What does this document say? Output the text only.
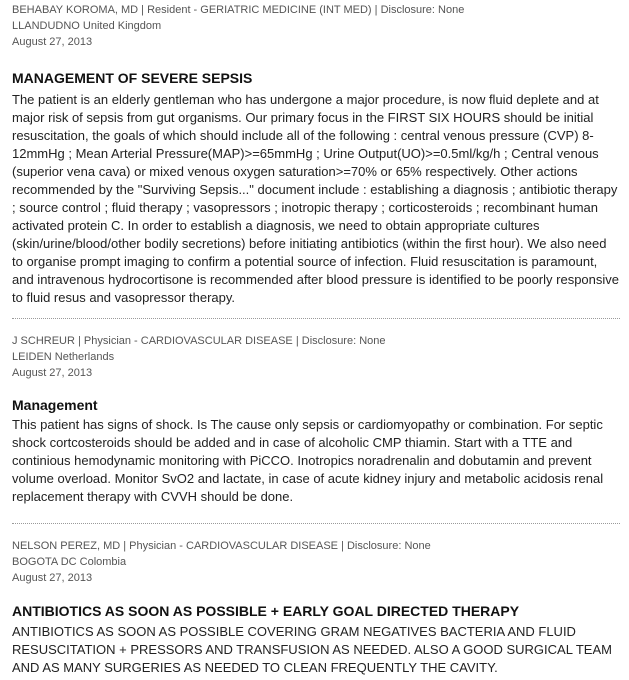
BEHABAY KOROMA, MD | Resident - GERIATRIC MEDICINE (INT MED) | Disclosure: None
LLANDUDNO United Kingdom
August 27, 2013
MANAGEMENT OF SEVERE SEPSIS

The patient is an elderly gentleman who has undergone a major procedure, is now fluid deplete and at major risk of sepsis from gut organisms. Our primary focus in the FIRST SIX HOURS should be initial resuscitation, the goals of which should include all of the following : central venous pressure (CVP) 8-12mmHg ; Mean Arterial Pressure(MAP)>=65mmHg ; Urine Output(UO)>=0.5ml/kg/h ; Central venous (superior vena cava) or mixed venous oxygen saturation>=70% or 65% respectively. Other actions recommended by the "Surviving Sepsis..." document include : establishing a diagnosis ; antibiotic therapy ; source control ; fluid therapy ; vasopressors ; inotropic therapy ; corticosteroids ; recombinant human activated protein C. In order to establish a diagnosis, we need to obtain appropriate cultures (skin/urine/blood/other bodily secretions) before initiating antibiotics (within the first hour). We also need to organise prompt imaging to confirm a potential source of infection. Fluid resuscitation is paramount, and intravenous hydrocortisone is recommended after blood pressure is identified to be poorly responsive to fluid resus and vasopressor therapy.

J SCHREUR | Physician - CARDIOVASCULAR DISEASE | Disclosure: None
LEIDEN Netherlands
August 27, 2013
Management

This patient has signs of shock. Is The cause only sepsis or cardiomyopathy or combination. For septic shock cortcosteroids should be added and in case of alcoholic CMP thiamin. Start with a TTE and continious hemodynamic monitoring with PiCCO. Inotropics noradrenalin and dobutamin and prevent volume overload. Monitor SvO2 and lactate, in case of acute kidney injury and metabolic acidosis renal replacement therapy with CVVH should be done.

NELSON PEREZ, MD | Physician - CARDIOVASCULAR DISEASE | Disclosure: None
BOGOTA DC Colombia
August 27, 2013
ANTIBIOTICS AS SOON AS POSSIBLE + EARLY GOAL DIRECTED THERAPY

ANTIBIOTICS AS SOON AS POSSIBLE COVERING GRAM NEGATIVES BACTERIA AND FLUID RESUSCITATION + PRESSORS AND TRANSFUSION AS NEEDED. ALSO A GOOD SURGICAL TEAM AND AS MANY SURGERIES AS NEEDED TO CLEAN FREQUENTLY THE CAVITY.
